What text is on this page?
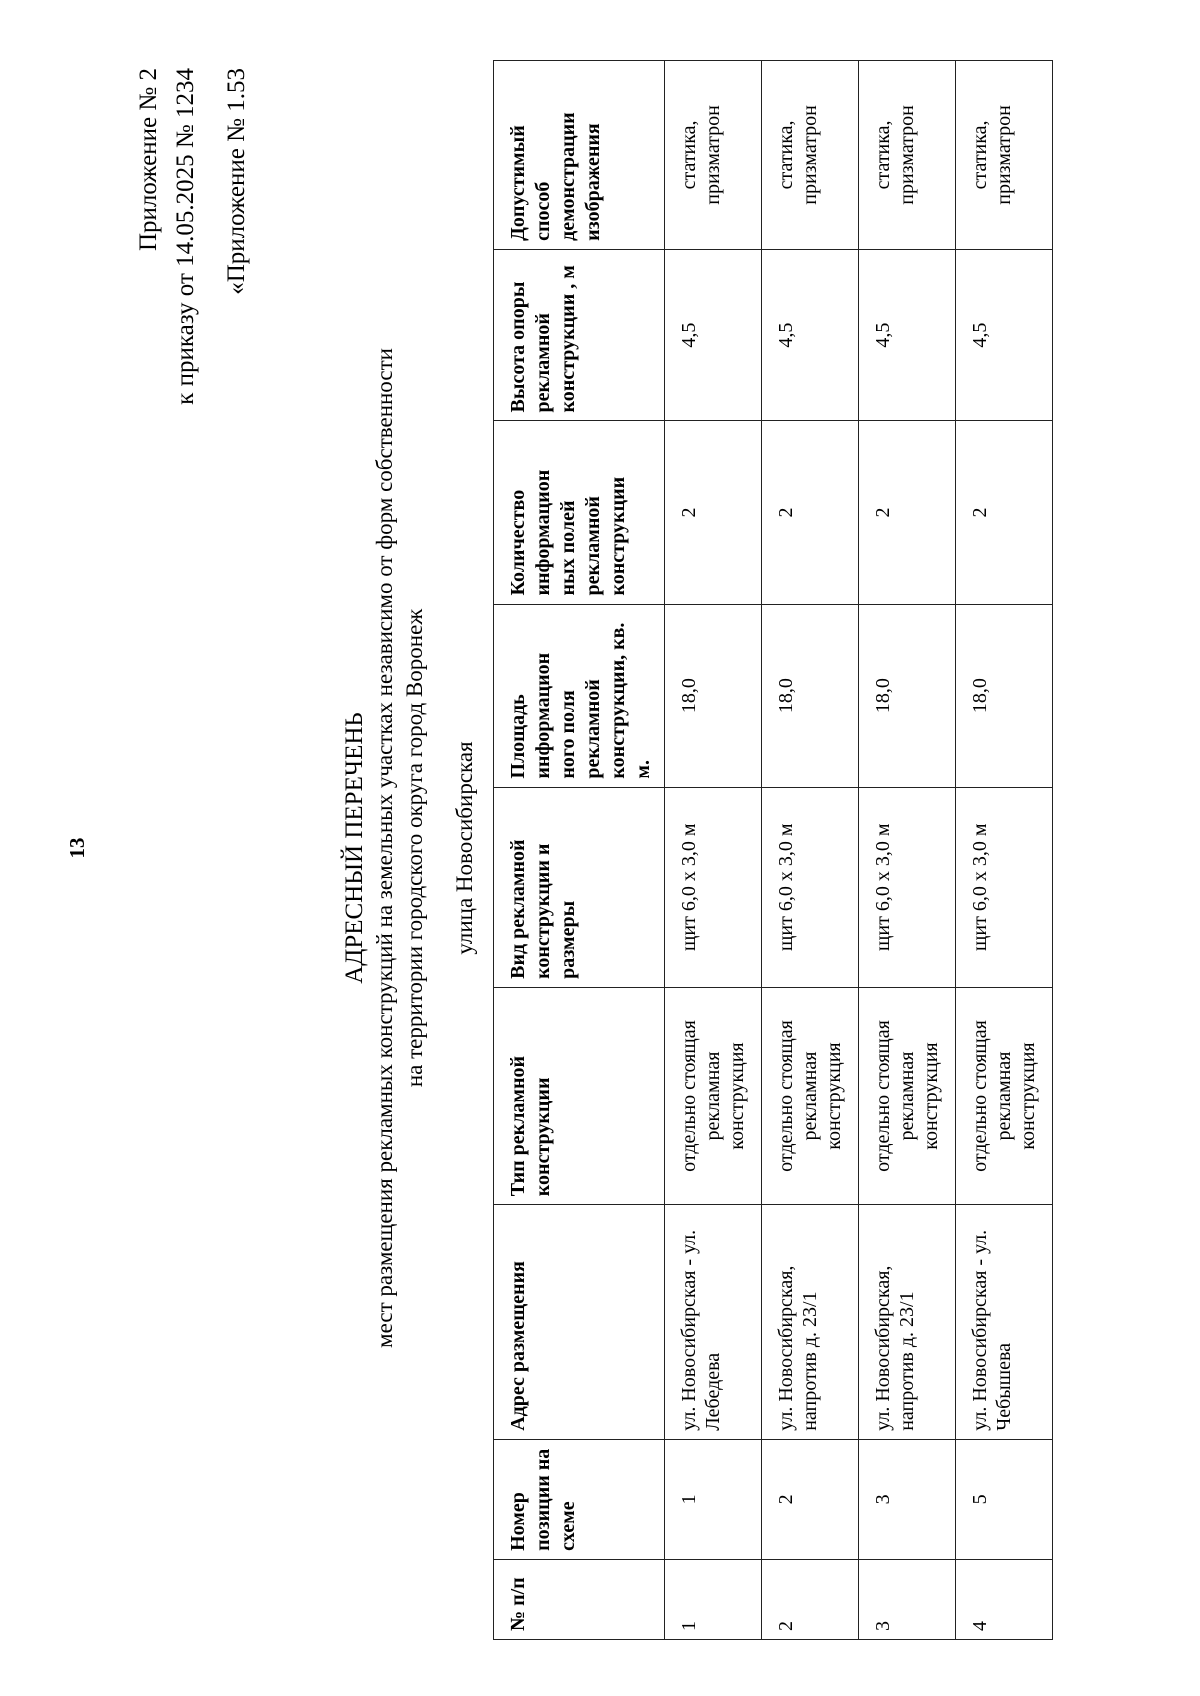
13
Приложение № 2 к приказу от 14.05.2025 № 1234 «Приложение № 1.53
АДРЕСНЫЙ ПЕРЕЧЕНЬ мест размещения рекламных конструкций на земельных участках независимо от форм собственности на территории городского округа город Воронеж улица Новосибирская
№ п/п	Номер позиции на схеме	Адрес размещения	Тип рекламной конструкции	Вид рекламной конструкции и размеры	Площадь информацион ного поля рекламной конструкции, кв. м.	Количество информацион ных полей рекламной конструкции	Высота опоры рекламной конструкции , м	Допустимый способ демонстрации изображения
1	1	ул. Новосибирская - ул. Лебедева	отдельно стоящая рекламная конструкция	щит 6,0 х 3,0 м	18,0	2	4,5	статика, призматрон
2	2	ул. Новосибирская, напротив д. 23/1	отдельно стоящая рекламная конструкция	щит 6,0 х 3,0 м	18,0	2	4,5	статика, призматрон
3	3	ул. Новосибирская, напротив д. 23/1	отдельно стоящая рекламная конструкция	щит 6,0 х 3,0 м	18,0	2	4,5	статика, призматрон
4	5	ул. Новосибирская - ул. Чебышева	отдельно стоящая рекламная конструкция	щит 6,0 х 3,0 м	18,0	2	4,5	статика, призматрон
